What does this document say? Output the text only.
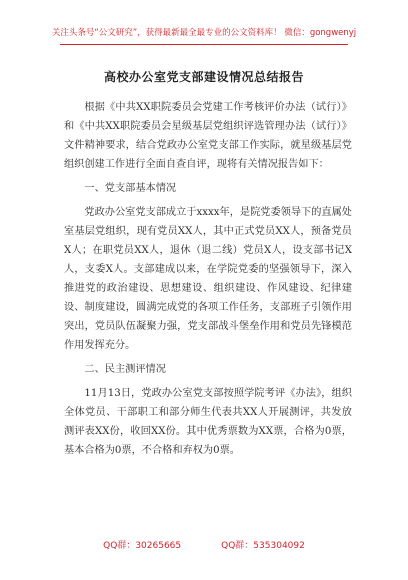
关注头条号“公文研究”，获得最新最全最专业的公文资料库！ 微信：gongwenyj
高校办公室党支部建设情况总结报告

根据《中共XX职院委员会党建工作考核评价办法（试行）》和《中共XX职院委员会星级基层党组织评选管理办法（试行）》文件精神要求，结合党政办公室党支部工作实际，就星级基层党组织创建工作进行全面自查自评，现将有关情况报告如下：

一、党支部基本情况

党政办公室党支部成立于xxxx年，是院党委领导下的直属处室基层党组织，现有党员XX人，其中正式党员XX人，预备党员X人；在职党员XX人，退休（退二线）党员X人，设支部书记X人，支委X人。支部建成以来，在学院党委的坚强领导下，深入推进党的政治建设、思想建设、组织建设、作风建设、纪律建设、制度建设，圆满完成党的各项工作任务，支部班子引领作用突出，党员队伍凝聚力强，党支部战斗堡垒作用和党员先锋模范作用发挥充分。

二、民主测评情况

11月13日，党政办公室党支部按照学院考评《办法》，组织全体党员、干部职工和部分师生代表共XX人开展测评，共发放测评表XX份，收回XX份。其中优秀票数为XX票，合格为0票，基本合格为0票，不合格和弃权为0票。

QQ群：30265665	QQ群：535304092
